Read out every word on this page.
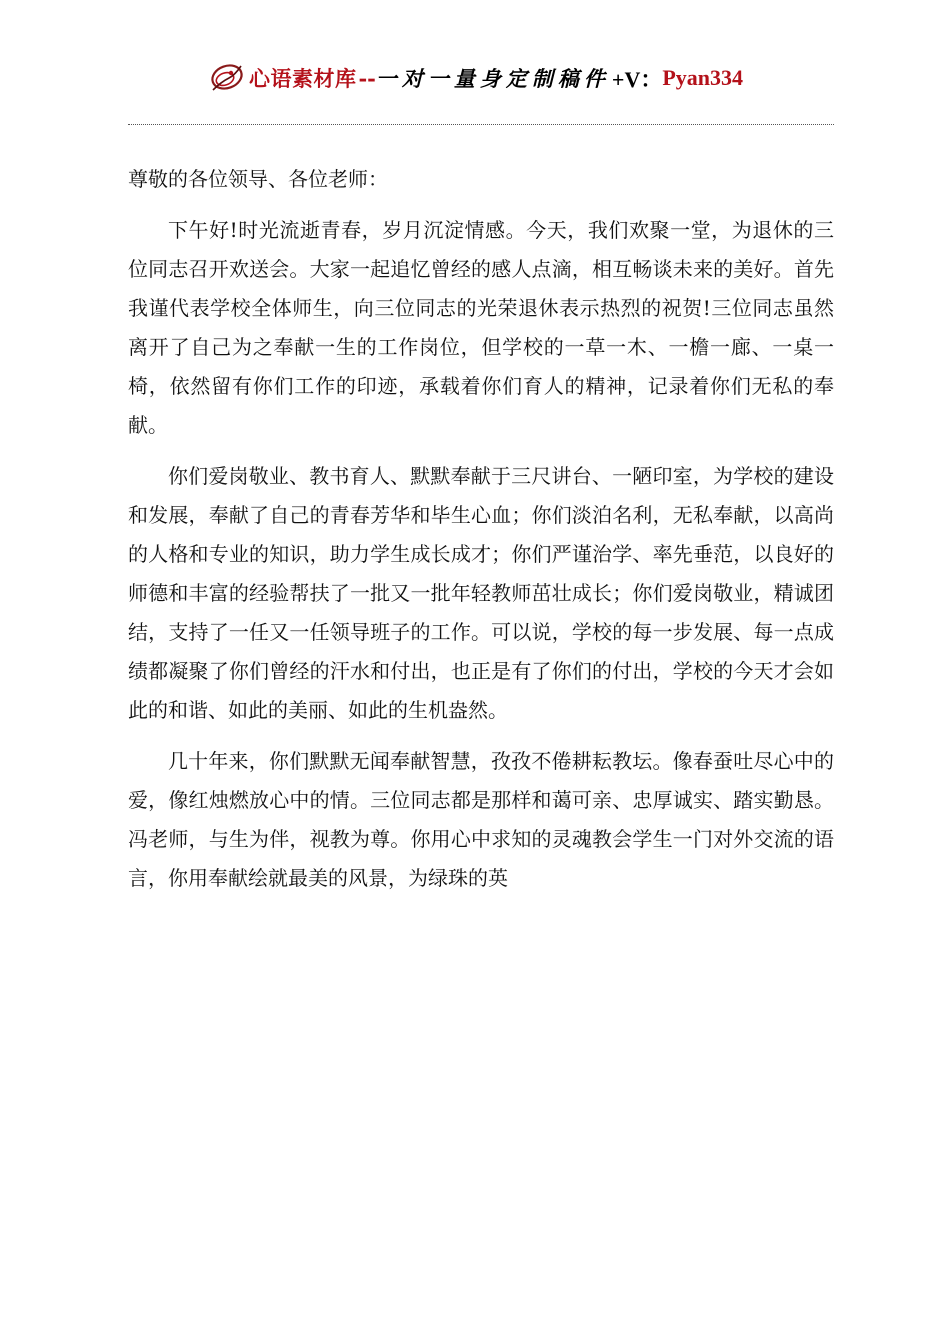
心语素材库 -- 一对一量身定制稿件 +V： Pyan334

尊敬的各位领导、各位老师：

下午好!时光流逝青春，岁月沉淀情感。今天，我们欢聚一堂，为退休的三位同志召开欢送会。大家一起追忆曾经的感人点滴，相互畅谈未来的美好。首先我谨代表学校全体师生，向三位同志的光荣退休表示热烈的祝贺!三位同志虽然离开了自己为之奉献一生的工作岗位，但学校的一草一木、一檐一廊、一桌一椅，依然留有你们工作的印迹，承载着你们育人的精神，记录着你们无私的奉献。

你们爱岗敬业、教书育人、默默奉献于三尺讲台、一陋印室，为学校的建设和发展，奉献了自己的青春芳华和毕生心血；你们淡泊名利，无私奉献，以高尚的人格和专业的知识，助力学生成长成才；你们严谨治学、率先垂范，以良好的师德和丰富的经验帮扶了一批又一批年轻教师茁壮成长；你们爱岗敬业，精诚团结，支持了一任又一任领导班子的工作。可以说，学校的每一步发展、每一点成绩都凝聚了你们曾经的汗水和付出，也正是有了你们的付出，学校的今天才会如此的和谐、如此的美丽、如此的生机盎然。

几十年来，你们默默无闻奉献智慧，孜孜不倦耕耘教坛。像春蚕吐尽心中的爱，像红烛燃放心中的情。三位同志都是那样和蔼可亲、忠厚诚实、踏实勤恳。冯老师，与生为伴，视教为尊。你用心中求知的灵魂教会学生一门对外交流的语言，你用奉献绘就最美的风景，为绿珠的英
